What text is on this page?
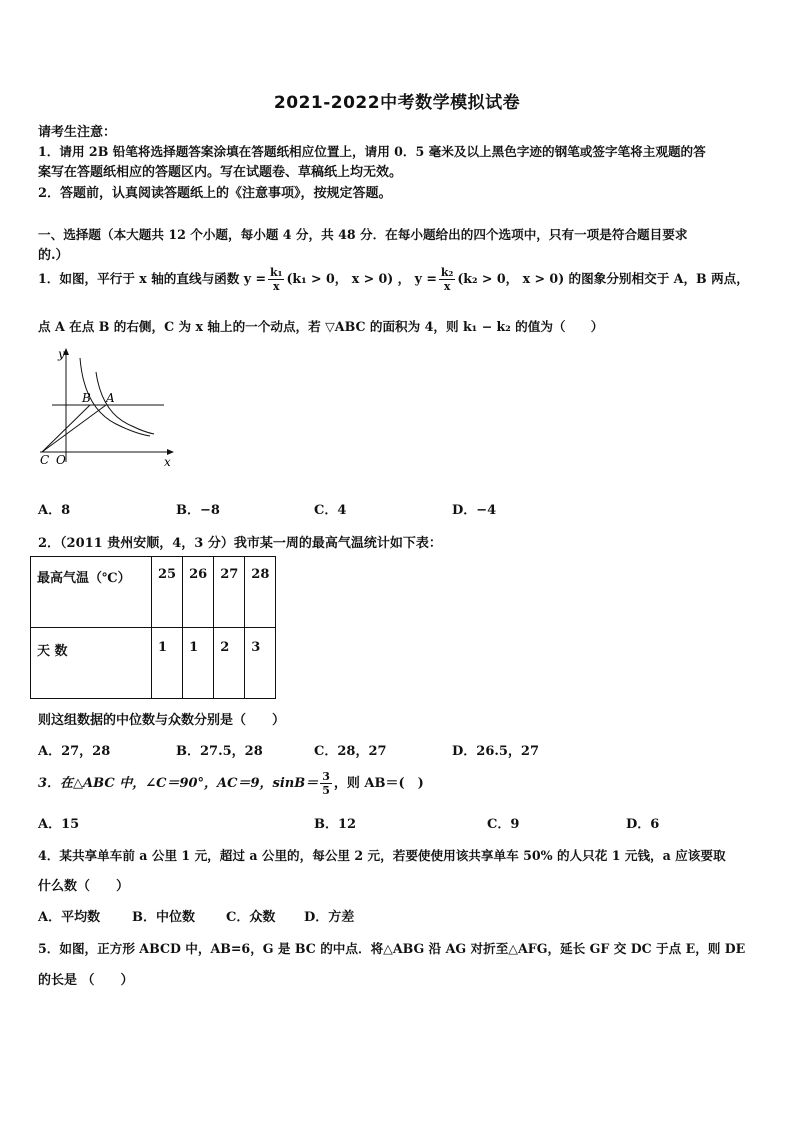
2021-2022中考数学模拟试卷
请考生注意：
1．请用 2B 铅笔将选择题答案涂填在答题纸相应位置上，请用 0．5 毫米及以上黑色字迹的钢笔或签字笔将主观题的答
案写在答题纸相应的答题区内。写在试题卷、草稿纸上均无效。
2．答题前，认真阅读答题纸上的《注意事项》，按规定答题。
一、选择题（本大题共 12 个小题，每小题 4 分，共 48 分．在每小题给出的四个选项中，只有一项是符合题目要求
的.）
1．如图，平行于 x 轴的直线与函数 $y = \frac{\text{k₁}}{x} (k_1 > 0$， x > 0) ， $y = \frac{\text{k₂}}{x} (k_2 > 0$， x > 0) 的图象分别相交于 A，B 两点，
点 A 在点 B 的右侧，C 为 x 轴上的一个动点，若 ▽ABC 的面积为 4，则 k₁ − k₂ 的值为（　　）
y
x
B A
C O
A．8	B．−8	C．4	D．−4
2．（2011 贵州安顺，4，3 分）我市某一周的最高气温统计如下表：
最高气温（℃）	25	26	27	28
天 数	1	1	2	3
则这组数据的中位数与众数分别是（　　）
A．27，28	B．27.5，28	C．28，27	D．26.5，27
3．在△ABC 中，∠C＝90°，AC＝9，$\sin B= \frac{3}{5}$ ，则 AB＝(　)
A．15	B．12	C．9	D．6
4．某共享单车前 a 公里 1 元，超过 a 公里的，每公里 2 元，若要使使用该共享单车 50% 的人只花 1 元钱，a 应该要取
什么数（　　）
A．平均数 B．中位数 C．众数 D．方差
5．如图，正方形 ABCD 中，AB=6，G 是 BC 的中点．将△ABG 沿 AG 对折至△AFG，延长 GF 交 DC 于点 E，则 DE
的长是 （　　）
